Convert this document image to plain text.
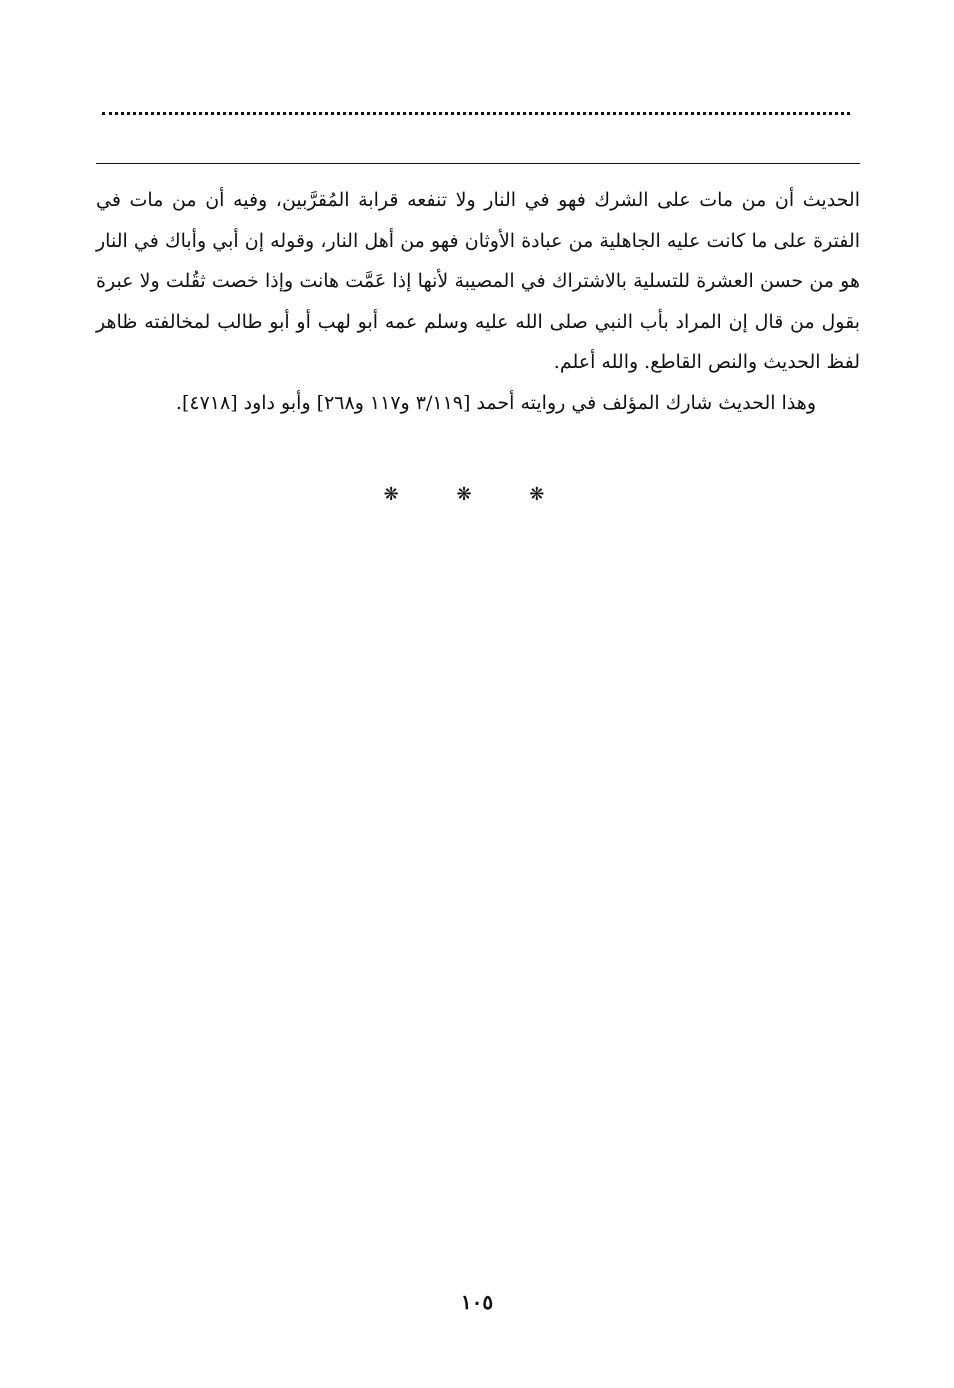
الحديث أن من مات على الشرك فهو في النار ولا تنفعه قرابة المُقرَّبين، وفيه أن من مات في الفترة على ما كانت عليه الجاهلية من عبادة الأوثان فهو من أهل النار، وقوله إن أبي وأباك في النار هو من حسن العشرة للتسلية بالاشتراك في المصيبة لأنها إذا عَمَّت هانت وإذا خصت ثقُلت ولا عبرة بقول من قال إن المراد بأب النبي صلى الله عليه وسلم عمه أبو لهب أو أبو طالب لمخالفته ظاهر لفظ الحديث والنص القاطع. والله أعلم.

وهذا الحديث شارك المؤلف في روايته أحمد [٣/١١٩ و١١٧ و٢٦٨] وأبو داود [٤٧١٨].

❋ ❋ ❋
١٠٥
